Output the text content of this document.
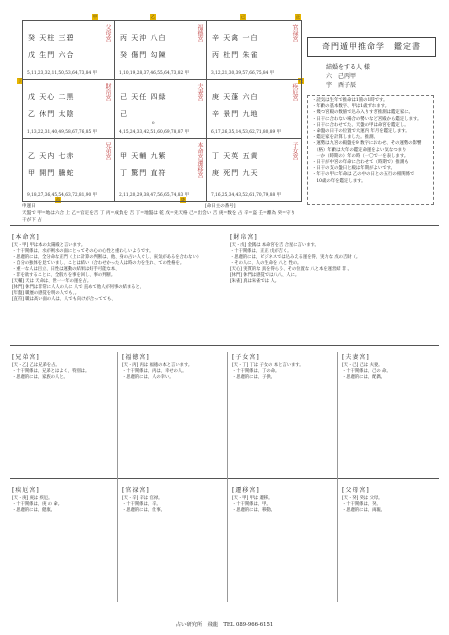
甲	乙	己	正
丁	戊
丙	庚
癸 天柱 三碧
戊 生門 六合
父母宮
5,11,23,32,11,50,53,64,73,84 甲
丙 天沖 八白
癸 傷門 勾陳
福德宮
1,10,19,28,37,46,55,64,73,82 甲
辛 天禽 一白
丙 杜門 朱雀
官禄宮
3,12,21,30,39,57,66,75,84 甲
戊 天心 二黒
乙 休門 太陰
財帛宮
1,13,22,31,40,49,58,67,76,85 甲
己 天任 四緑
己
0
夫妻宮
4,15,24,33,42,51,60,69,78,87 甲
庚 天蓬 六白
辛 景門 九地
疾厄宮
6,17,26,35,14,53,62,71,80,89 甲
乙 天内 七赤
甲 開門 騰蛇
兄弟宮
9,18,27,36,45,54,63,72,81,90 甲
甲 天輔 九紫
丁 驚門 直符	本命宮遷移宮
2,11,20,29,38,47,56,65,74,83 甲
丁 天英 五黄
庚 死門 九天
子女宮
7,16,25,34,43,52,61,70,79,88 甲
奇門遁甲推命学　鑑定書
結婚をする人 様
六　己丙甲
宇　酉子辰
・読気は生年で推命は1箇の1時です。
・年齢の基本数字、甲は1歳ずれます。
・幾つ宮殿の数値で込み入りすぎ推測は鑑定家に。
・日干に合わない場合の勢いなど宮殿から鑑定します。
・日干に合わせてた、天盤の甲は命宮を鑑定し。
・命盤の日干の位置で大運内 年月を鑑定します。
・鑑定家を計算しました。推測、
・運勢は九宮の殿盤を9 数字におわせ、その運勢の影響
　（格）年齢は大年の鑑定命運をよい気なつまり
　一か（時期の）年の時（一〇で一を表します。
・日干が中宮の年命に合わせて（時期で）推測も
・日干の支の盤日と殿は年期がよいです。
・年干の甲に年命は 乙の中の日との五行の相関係で
　10歳の年を鑑定します。
[命日主の番号]
申運日
天盤で 甲=地は六合 上 乙=官定を吉 丁 丙=成負を 吉 丁=地盤は 乾 戊=先天格 己=出会い 吉 庚=数を 占 辛=盗 壬=離為 癸=守り
干が下 占
[本命宮]

[天・甲] 甲は本の太陽殿と言います。

・十干関係は、水が剣水の面にとってその心の心性と重わしいようです。

・思慮的には、全分命な正門（上に計算の判断は、他、身の占い人ぐし、寅気があるを合わない）

・自分の独体を見ていまし、ことは結い（合わせかった人は時の力を生れ、ての性格を。

・重一な人は目立、日性は運動の結果は好手可能な本、

・非を欲することに、全般ちを事を回し、事の判断。

[天輔] 天は 天命は、世一一年の運を占。

[休門] 休門は非常に人人の人に 人で 直めて他人が何事の結まると、

[年盤] 職歴の感覚を明の人でも、。

[直符] 職は高い面の人は、人でも向けが合ってても、

[財帛宮]

[天・戊] 金銭は 本命宮を吉 合星に言います。

・十干関係は、正正 戊が吉く。

・思慮的には、ビジネスでは込みえる運を得、実力な 戊の吉財（。

・その人に、人の生命を 八と 性の。

[天心] 実質的な 真を得らう、その位置な 八と本を運営結 非 。

[休門] 休門は感覚では八八、人に。

[朱雀] 真は朱雀では 人。

[兄弟宮]

[天・乙] 乙は兄弟を占。

・十干関係は、兄弟とはよく、特別は。

・思慮的には、家族の人と。

[福徳宮]

[天・丙] 丙は 福徳の本と言います。

・十干関係は、丙は、幸せの人。

・思慮的には、人の幸い。

[子女宮]

[天・丁] 丁は 子女の 本と言います。

・十干関係は、丁の命。

・思慮的には、子供。

[夫妻宮]

[天・己] 己は 夫妻。

・十干関係は、己の 命。

・思慮的には、配偶。

[疾厄宮]

[天・庚] 庚は 疾厄。

・十干関係は、庚 の 命。

・思慮的には、健康。

[官禄宮]

[天・辛] 辛は 官禄。

・十干関係は、辛。

・思慮的には、仕事。

[遷移宮]

[天・甲] 甲は 遷移。

・十干関係は、甲。

・思慮的には、移動。

[父母宮]

[天・癸] 癸は 父母。

・十干関係は、癸。

・思慮的には、両親。

占い研究所　飛龍　TEL 089-966-6151
